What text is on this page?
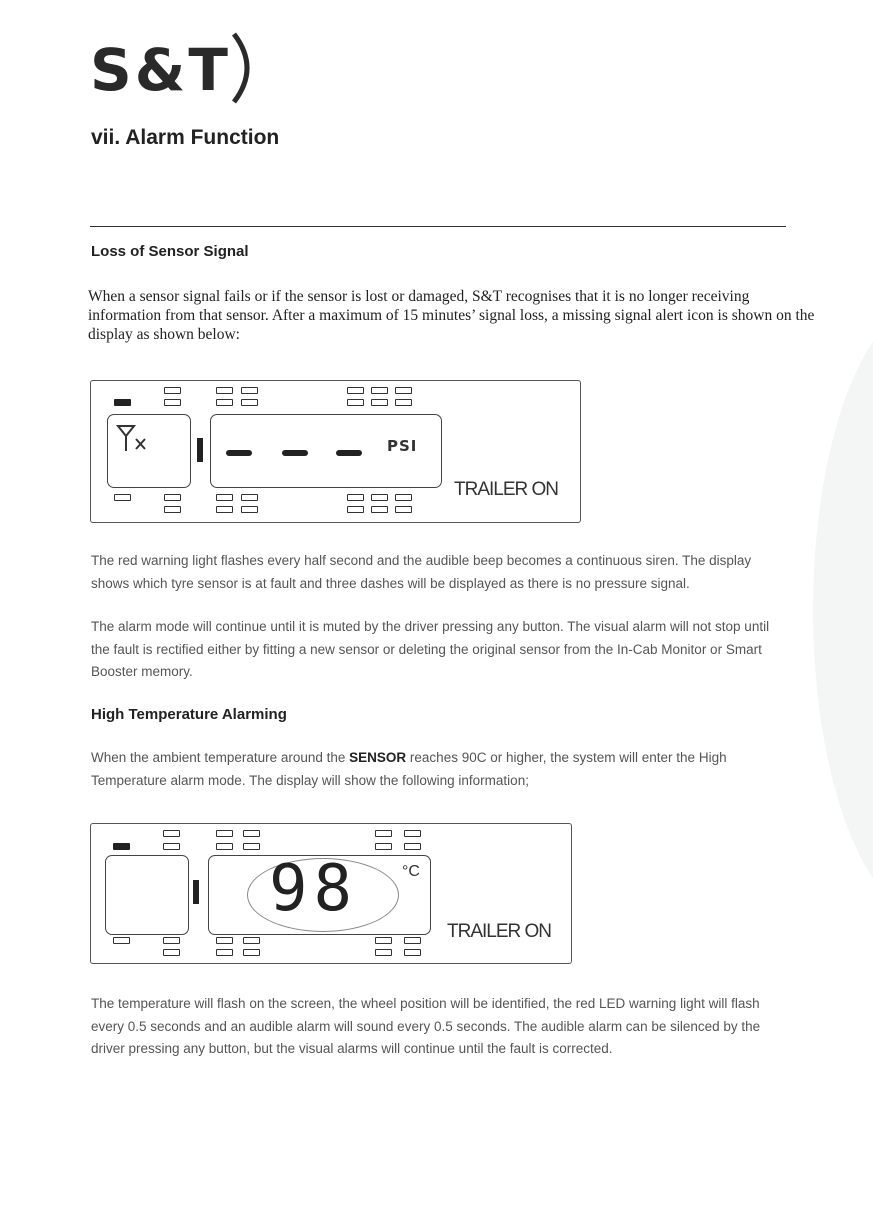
S&T
vii. Alarm Function
Loss of Sensor Signal

When a sensor signal fails or if the sensor is lost or damaged, S&T recognises that it is no longer receiving information from that sensor. After a maximum of 15 minutes’ signal loss, a missing signal alert icon is shown on the display as shown below:

PSI
TRAILER ON

The red warning light flashes every half second and the audible beep becomes a continuous siren. The display shows which tyre sensor is at fault and three dashes will be displayed as there is no pressure signal.

The alarm mode will continue until it is muted by the driver pressing any button. The visual alarm will not stop until the fault is rectified either by fitting a new sensor or deleting the original sensor from the In-Cab Monitor or Smart Booster memory.

High Temperature Alarming

When the ambient temperature around the SENSOR reaches 90C or higher, the system will enter the High Temperature alarm mode. The display will show the following information;

98	°C
TRAILER ON

The temperature will flash on the screen, the wheel position will be identified, the red LED warning light will flash every 0.5 seconds and an audible alarm will sound every 0.5 seconds. The audible alarm can be silenced by the driver pressing any button, but the visual alarms will continue until the fault is corrected.
